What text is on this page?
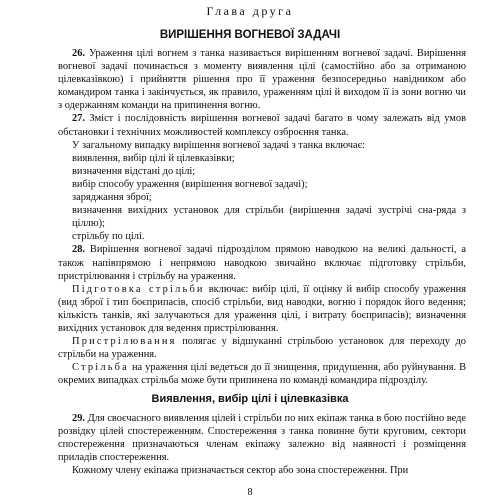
Глава друга
ВИРІШЕННЯ ВОГНЕВОЇ ЗАДАЧІ

26. Ураження цілі вогнем з танка називається вирішенням вогневої задачі. Вирішення вогневої задачі починається з моменту виявлення цілі (самостійно або за отриманою цілевказівкою) і прийняття рішення про її ураження безпосередньо навідником або командиром танка і закінчується, як правило, ураженням цілі й виходом її із зони вогню чи з одержанням команди на припинення вогню.

27. Зміст і послідовність вирішення вогневої задачі багато в чому залежать від умов обстановки і технічних можливостей комплексу озброєння танка.

У загальному випадку вирішення вогневої задачі з танка включає:

виявлення, вибір цілі й цілевказівки;

визначення відстані до цілі;

вибір способу ураження (вирішення вогневої задачі);

заряджання зброї;

визначення вихідних установок для стрільби (вирішення задачі зустрічі сна-ряда з ціллю);

стрільбу по цілі.

28. Вирішення вогневої задачі підрозділом прямою наводкою на великі дальності, а також напівпрямою і непрямою наводкою звичайно включає підготовку стрільби, пристрілювання і стрільбу на ураження.

Підготовка стрільби включає: вибір цілі, її оцінку й вибір способу ураження (вид зброї і тип боєприпасів, спосіб стрільби, вид наводки, вогню і порядок його ведення; кількість танків, які залучаються для ураження цілі, і витрату боєприпасів); визначення вихідних установок для ведення пристрілювання.

Пристрілювання полягає у відшуканні стрільбою установок для переходу до стрільби на ураження.

Стрільба на ураження цілі ведеться до її знищення, придушення, або руйнування. В окремих випадках стрільба може бути припинена по команді командира підрозділу.

Виявлення, вибір цілі і цілевказівка

29. Для своєчасного виявлення цілей і стрільби по них екіпаж танка в бою постійно веде розвідку цілей спостереженням. Спостереження з танка повинне бути круговим, сектори спостереження призначаються членам екіпажу залежно від наявності і розміщення приладів спостереження.

Кожному члену екіпажа призначається сектор або зона спостереження. При

8
